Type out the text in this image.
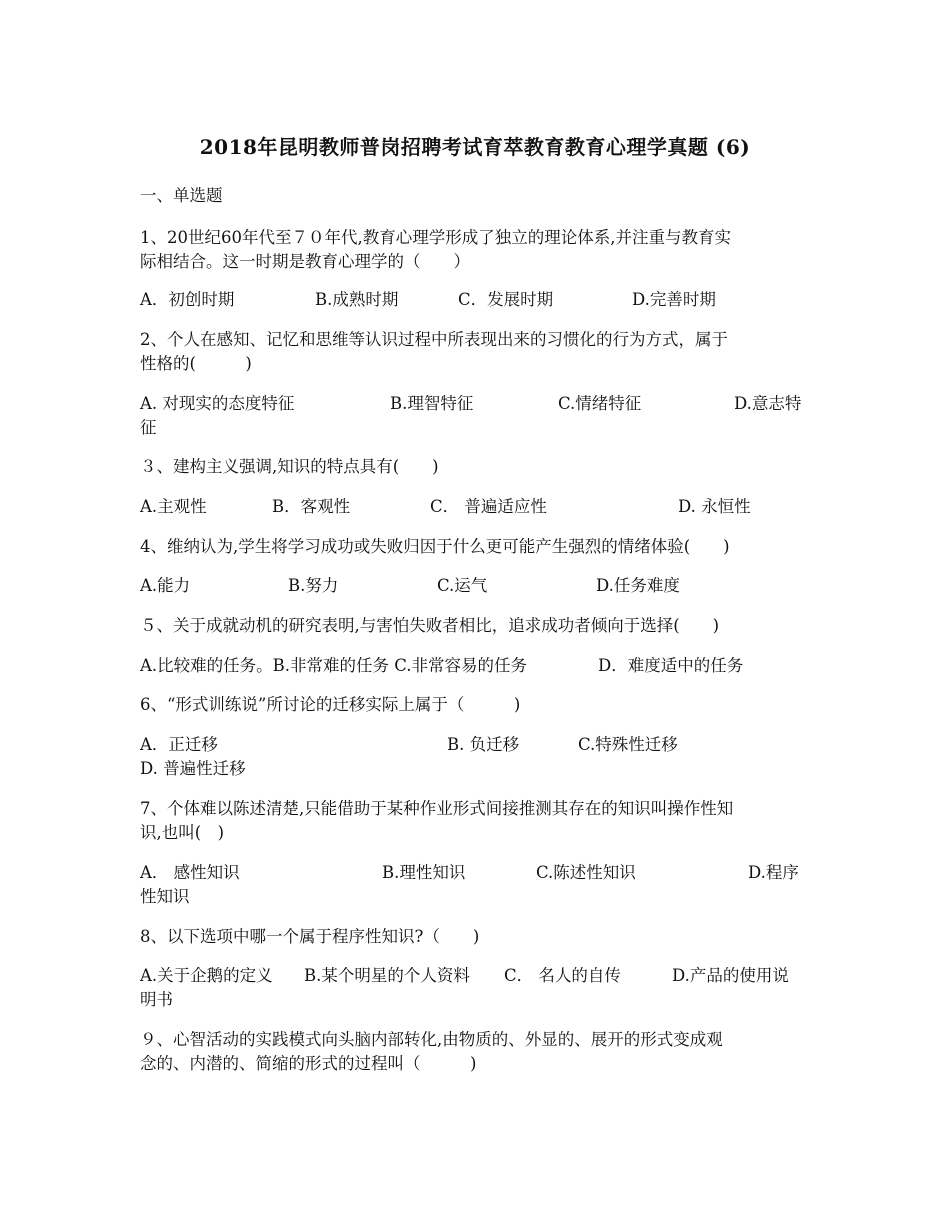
2018年昆明教师普岗招聘考试育萃教育教育心理学真题 (6)
一、单选题
1、20世纪60年代至７０年代,教育心理学形成了独立的理论体系,并注重与教育实
际相结合。这一时期是教育心理学的（　　）
A．初创时期	B.成熟时期	C．发展时期	D.完善时期
2、个人在感知、记忆和思维等认识过程中所表现出来的习惯化的行为方式，属于
性格的(　　　)
A. 对现实的态度特征	B.理智特征	C.情绪特征	D.意志特
征
３、建构主义强调,知识的特点具有(　　)
A.主观性	B．客观性	C． 普遍适应性	D. 永恒性
4、维纳认为,学生将学习成功或失败归因于什么更可能产生强烈的情绪体验(　　)
A.能力	B.努力	C.运气	D.任务难度
５、关于成就动机的研究表明,与害怕失败者相比，追求成功者倾向于选择(　　)
A.比较难的任务。B.非常难的任务 C.非常容易的任务	D．难度适中的任务
6、“形式训练说”所讨论的迁移实际上属于（　　　)
A．正迁移	B. 负迁移	C.特殊性迁移
D. 普遍性迁移
7、个体难以陈述清楚,只能借助于某种作业形式间接推测其存在的知识叫操作性知
识,也叫(　)
A． 感性知识	B.理性知识	C.陈述性知识	D.程序
性知识
8、以下选项中哪一个属于程序性知识?（　　)
A.关于企鹅的定义 B.某个明星的个人资料 C． 名人的自传	D.产品的使用说
明书
９、心智活动的实践模式向头脑内部转化,由物质的、外显的、展开的形式变成观
念的、内潜的、简缩的形式的过程叫（　　　)
